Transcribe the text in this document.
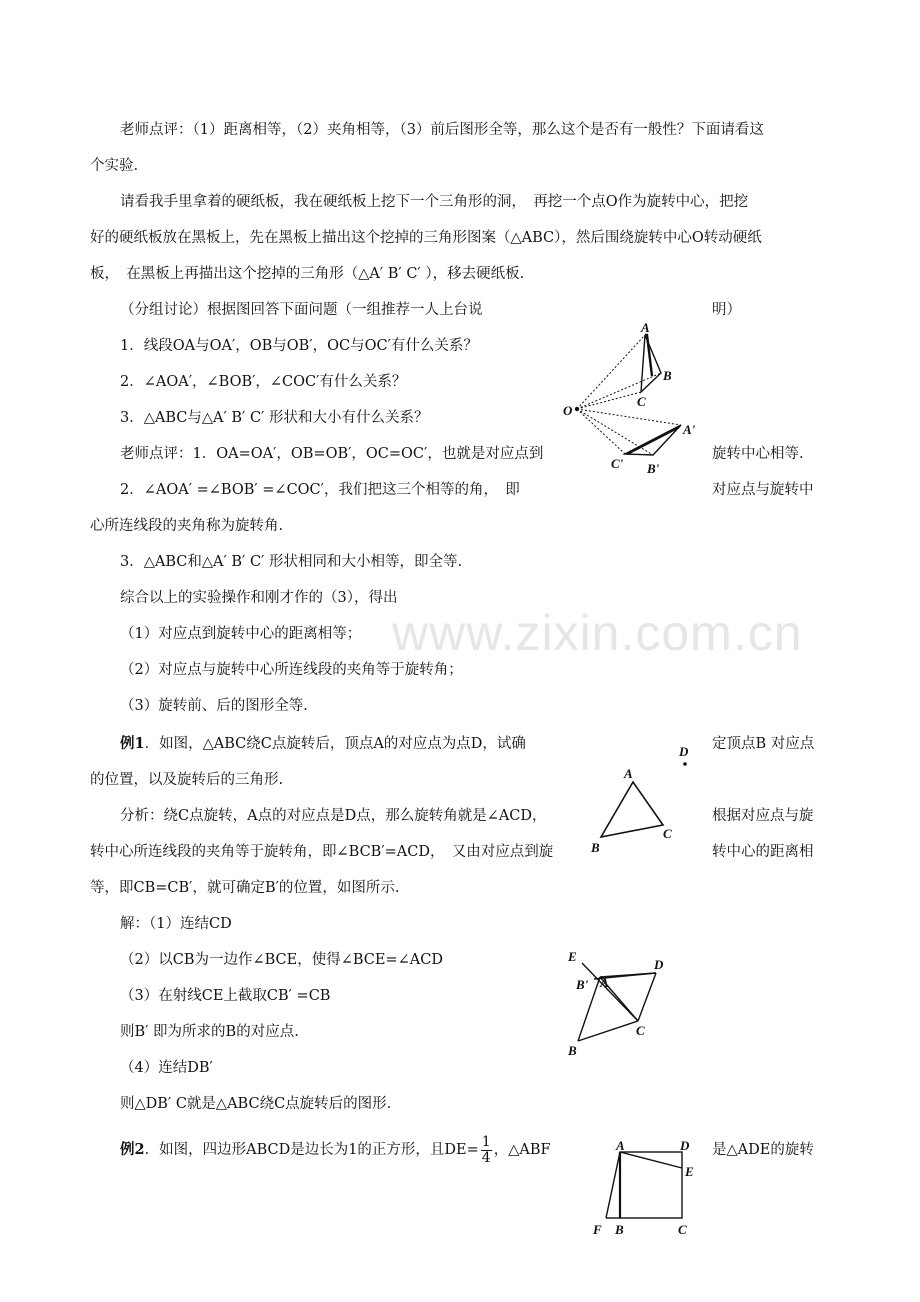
www.zixin.com.cn
老师点评：（1）距离相等，（2）夹角相等，（3）前后图形全等，那么这个是否有一般性？下面请看这
个实验.
请看我手里拿着的硬纸板，我在硬纸板上挖下一个三角形的洞，　再挖一个点O作为旋转中心，把挖
好的硬纸板放在黑板上，先在黑板上描出这个挖掉的三角形图案（△ABC），然后围绕旋转中心O转动硬纸
板，　在黑板上再描出这个挖掉的三角形（△A′ B′ C′ ），移去硬纸板.
（分组讨论）根据图回答下面问题（一组推荐一人上台说	明）
1．线段OA与OA′，OB与OB′，OC与OC′有什么关系？
2．∠AOA′，∠BOB′，∠COC′有什么关系？
3．△ABC与△A′ B′ C′ 形状和大小有什么关系？
老师点评：1．OA=OA′，OB=OB′，OC=OC′，也就是对应点到	旋转中心相等.
2．∠AOA′ =∠BOB′ =∠COC′，我们把这三个相等的角，　即	对应点与旋转中
心所连线段的夹角称为旋转角.
3．△ABC和△A′ B′ C′ 形状相同和大小相等，即全等.
综合以上的实验操作和刚才作的（3），得出
（1）对应点到旋转中心的距离相等；
（2）对应点与旋转中心所连线段的夹角等于旋转角；
（3）旋转前、后的图形全等.
例1．如图，△ABC绕C点旋转后，顶点A的对应点为点D，试确	定顶点B 对应点
的位置，以及旋转后的三角形.
分析：绕C点旋转，A点的对应点是D点，那么旋转角就是∠ACD，	根据对应点与旋
转中心所连线段的夹角等于旋转角，即∠BCB′=ACD，　又由对应点到旋	转中心的距离相
等，即CB=CB′，就可确定B′的位置，如图所示.
解：（1）连结CD
（2）以CB为一边作∠BCE，使得∠BCE=∠ACD
（3）在射线CE上截取CB′ =CB
则B′ 即为所求的B的对应点.
（4）连结DB′
则△DB′ C就是△ABC绕C点旋转后的图形.
例2．如图，四边形ABCD是边长为1的正方形，且$DE= \frac{1}{4}$ ，△ABF	是△ADE的旋转
O
A
B
C
A'
B'
C'
D
A
B
C
E
D
B' A
C
B
A	D
E
F B	C
